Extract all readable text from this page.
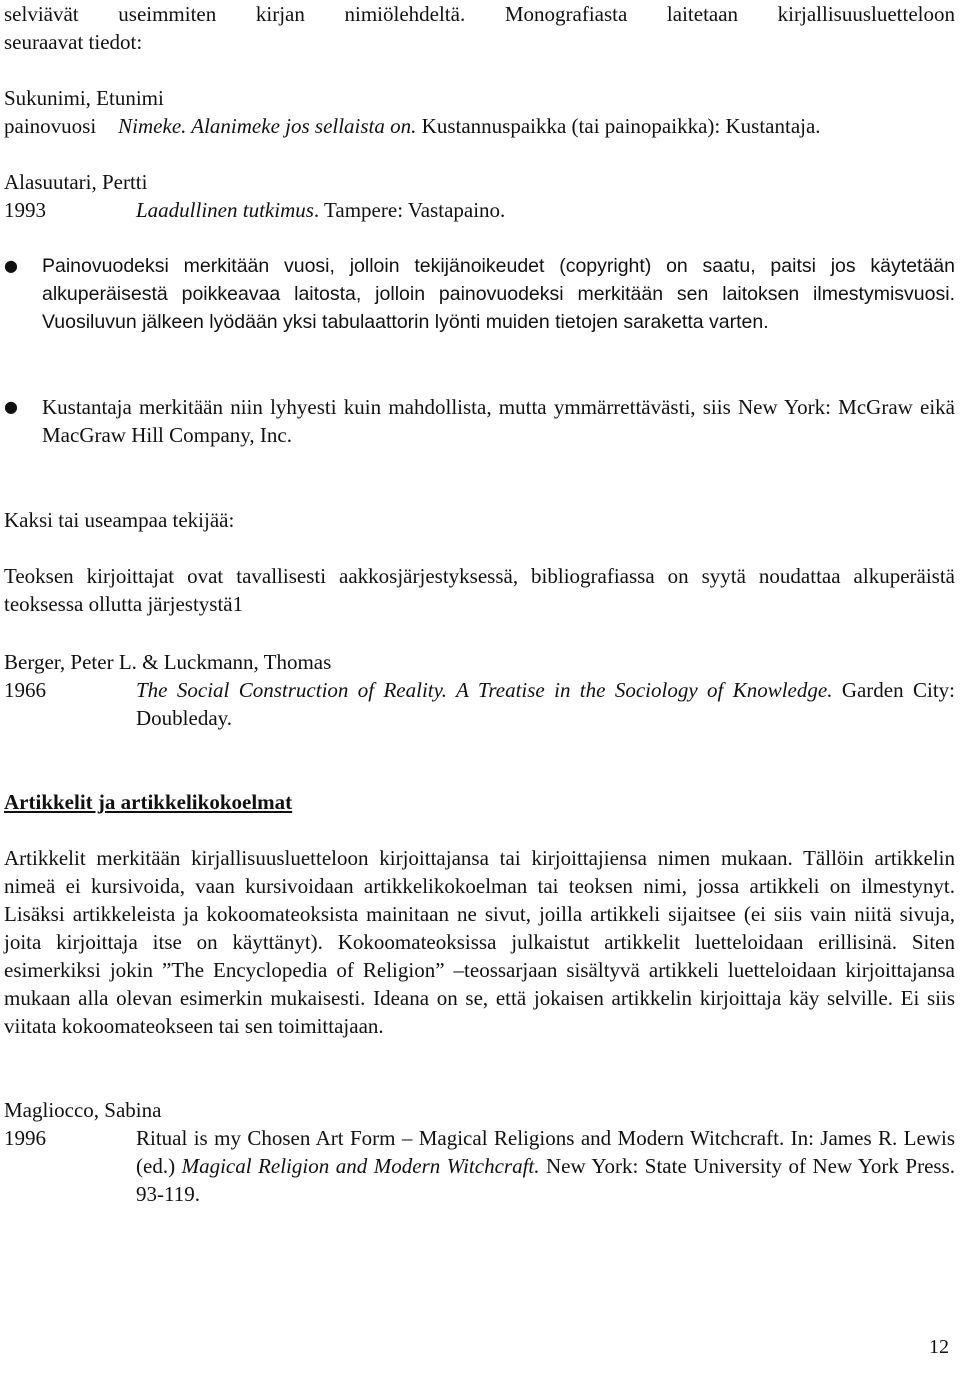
selviävät useimmiten kirjan nimiölehdeltä. Monografiasta laitetaan kirjallisuusluetteloon
seuraavat tiedot:
Sukunimi, Etunimi
painovuosi Nimeke. Alanimeke jos sellaista on. Kustannuspaikka (tai painopaikka): Kustantaja.
Alasuutari, Pertti
1993	Laadullinen tutkimus. Tampere: Vastapaino.
●	Painovuodeksi merkitään vuosi, jolloin tekijänoikeudet (copyright) on saatu, paitsi jos käytetään alkuperäisestä poikkeavaa laitosta, jolloin painovuodeksi merkitään sen laitoksen ilmestymisvuosi. Vuosiluvun jälkeen lyödään yksi tabulaattorin lyönti muiden tietojen saraketta varten.
●	Kustantaja merkitään niin lyhyesti kuin mahdollista, mutta ymmärrettävästi, siis New York: McGraw eikä MacGraw Hill Company, Inc.
Kaksi tai useampaa tekijää:
Teoksen kirjoittajat ovat tavallisesti aakkosjärjestyksessä, bibliografiassa on syytä noudattaa alkuperäistä teoksessa ollutta järjestystä1
Berger, Peter L. & Luckmann, Thomas
1966	The Social Construction of Reality. A Treatise in the Sociology of Knowledge. Garden City: Doubleday.
Artikkelit ja artikkelikokoelmat
Artikkelit merkitään kirjallisuusluetteloon kirjoittajansa tai kirjoittajiensa nimen mukaan. Tällöin artikkelin nimeä ei kursivoida, vaan kursivoidaan artikkelikokoelman tai teoksen nimi, jossa artikkeli on ilmestynyt. Lisäksi artikkeleista ja kokoomateoksista mainitaan ne sivut, joilla artikkeli sijaitsee (ei siis vain niitä sivuja, joita kirjoittaja itse on käyttänyt). Kokoomateoksissa julkaistut artikkelit luetteloidaan erillisinä. Siten esimerkiksi jokin ”The Encyclopedia of Religion” –teossarjaan sisältyvä artikkeli luetteloidaan kirjoittajansa mukaan alla olevan esimerkin mukaisesti. Ideana on se, että jokaisen artikkelin kirjoittaja käy selville. Ei siis viitata kokoomateokseen tai sen toimittajaan.
Magliocco, Sabina
1996	Ritual is my Chosen Art Form – Magical Religions and Modern Witchcraft. In: James R. Lewis (ed.) Magical Religion and Modern Witchcraft. New York: State University of New York Press. 93-119.
12
